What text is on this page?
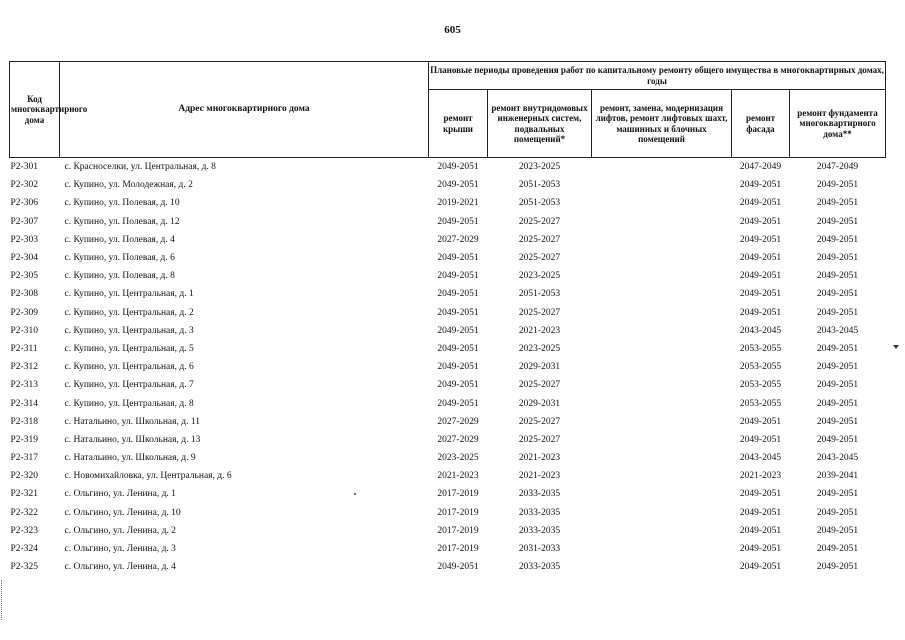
605
Код многоквартирного дома	Адрес многоквартирного дома	Плановые периоды проведения работ по капитальному ремонту общего имущества в многоквартирных домах, годы				
		ремонт крыши	ремонт внутридомовых инженерных систем, подвальных помещений*	ремонт, замена, модернизация лифтов, ремонт лифтовых шахт, машинных и блочных помещений	ремонт фасада	ремонт фундамента многоквартирного дома**
Р2-301	с. Красноселки, ул. Центральная, д. 8	2049-2051	2023-2025		2047-2049	2047-2049
Р2-302	с. Купино, ул. Молодежная, д. 2	2049-2051	2051-2053		2049-2051	2049-2051
Р2-306	с. Купино, ул. Полевая, д. 10	2019-2021	2051-2053		2049-2051	2049-2051
Р2-307	с. Купино, ул. Полевая, д. 12	2049-2051	2025-2027		2049-2051	2049-2051
Р2-303	с. Купино, ул. Полевая, д. 4	2027-2029	2025-2027		2049-2051	2049-2051
Р2-304	с. Купино, ул. Полевая, д. 6	2049-2051	2025-2027		2049-2051	2049-2051
Р2-305	с. Купино, ул. Полевая, д. 8	2049-2051	2023-2025		2049-2051	2049-2051
Р2-308	с. Купино, ул. Центральная, д. 1	2049-2051	2051-2053		2049-2051	2049-2051
Р2-309	с. Купино, ул. Центральная, д. 2	2049-2051	2025-2027		2049-2051	2049-2051
Р2-310	с. Купино, ул. Центральная, д. 3	2049-2051	2021-2023		2043-2045	2043-2045
Р2-311	с. Купино, ул. Центральная, д. 5	2049-2051	2023-2025		2053-2055	2049-2051
Р2-312	с. Купино, ул. Центральная, д. 6	2049-2051	2029-2031		2053-2055	2049-2051
Р2-313	с. Купино, ул. Центральная, д. 7	2049-2051	2025-2027		2053-2055	2049-2051
Р2-314	с. Купино, ул. Центральная, д. 8	2049-2051	2029-2031		2053-2055	2049-2051
Р2-318	с. Натальино, ул. Школьная, д. 11	2027-2029	2025-2027		2049-2051	2049-2051
Р2-319	с. Натальино, ул. Школьная, д. 13	2027-2029	2025-2027		2049-2051	2049-2051
Р2-317	с. Натальино, ул. Школьная, д. 9	2023-2025	2021-2023		2043-2045	2043-2045
Р2-320	с. Новомихайловка, ул. Центральная, д. 6	2021-2023	2021-2023		2021-2023	2039-2041
Р2-321	с. Ольгино, ул. Ленина, д. 1	2017-2019	2033-2035		2049-2051	2049-2051
Р2-322	с. Ольгино, ул. Ленина, д. 10	2017-2019	2033-2035		2049-2051	2049-2051
Р2-323	с. Ольгино, ул. Ленина, д. 2	2017-2019	2033-2035		2049-2051	2049-2051
Р2-324	с. Ольгино, ул. Ленина, д. 3	2017-2019	2031-2033		2049-2051	2049-2051
Р2-325	с. Ольгино, ул. Ленина, д. 4	2049-2051	2033-2035		2049-2051	2049-2051
